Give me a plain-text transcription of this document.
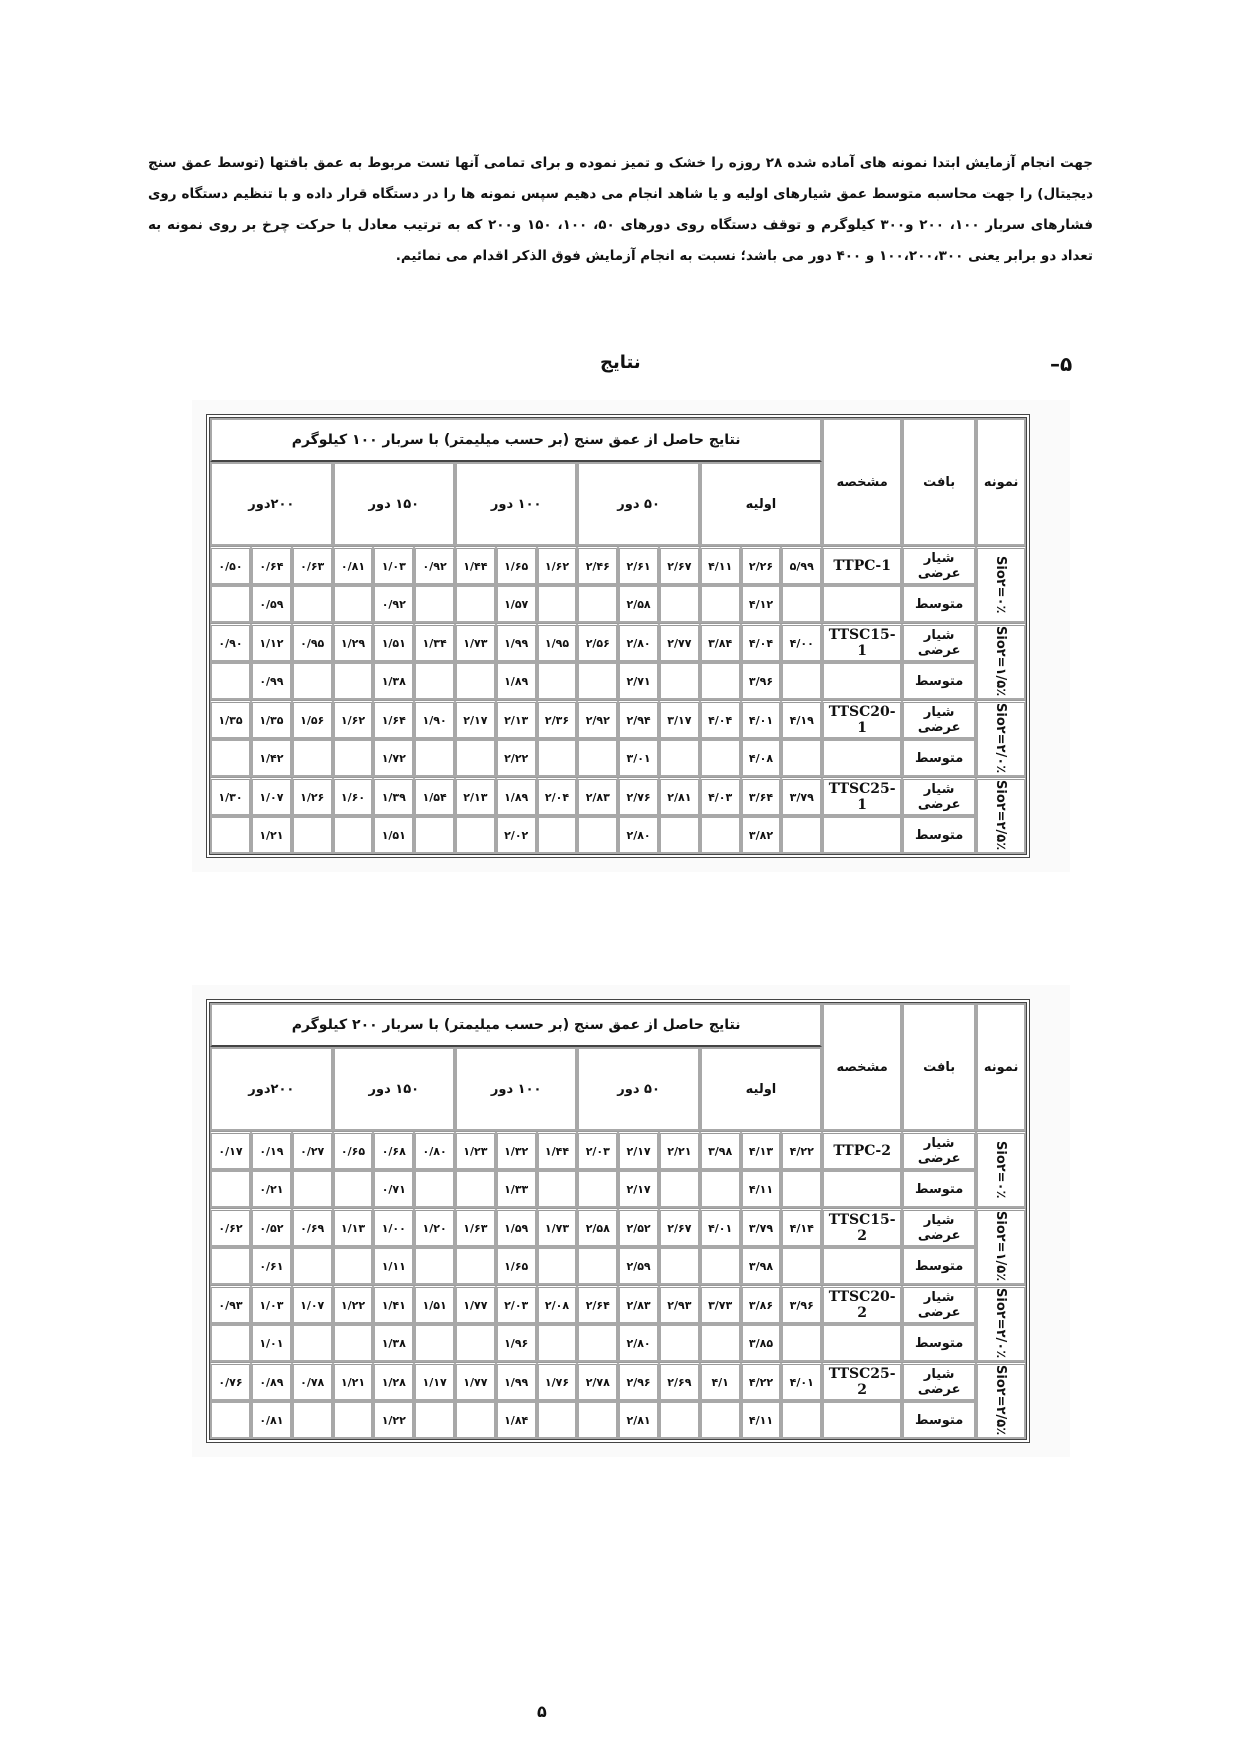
جهت انجام آزمایش ابتدا نمونه های آماده شده ۲۸ روزه را خشک و تمیز نموده و برای تمامی آنها تست مربوط به عمق بافتها (توسط عمق سنج دیجیتال) را جهت محاسبه متوسط عمق شیارهای اولیه و یا شاهد انجام می دهیم سپس نمونه ها را در دستگاه قرار داده و با تنظیم دستگاه روی فشارهای سربار ۱۰۰، ۲۰۰ و۳۰۰ کیلوگرم و توقف دستگاه روی دورهای ۵۰، ۱۰۰، ۱۵۰ و۲۰۰ که به ترتیب معادل با حرکت چرخ بر روی نمونه به تعداد دو برابر یعنی ۱۰۰،۲۰۰،۳۰۰ و ۴۰۰ دور می باشد؛ نسبت به انجام آزمایش فوق الذکر اقدام می نمائیم.
۵–
نتایج
نمونه	بافت	مشخصه	نتایج حاصل از عمق سنج (بر حسب میلیمتر) با سربار ۱۰۰ کیلوگرم														
			اولیه			۵۰ دور			۱۰۰ دور			۱۵۰ دور			۲۰۰دور		
Sio۲=۰٪	شیار عرضی	TTPC-1	۵/۹۹	۲/۲۶	۴/۱۱	۲/۶۷	۲/۶۱	۲/۴۶	۱/۶۲	۱/۶۵	۱/۴۴	۰/۹۲	۱/۰۳	۰/۸۱	۰/۶۳	۰/۶۴	۰/۵۰
	متوسط			۴/۱۲			۲/۵۸			۱/۵۷			۰/۹۲			۰/۵۹	
Sio۲=۱/۵٪	شیار عرضی	TTSC15-1	۴/۰۰	۴/۰۴	۳/۸۴	۲/۷۷	۲/۸۰	۲/۵۶	۱/۹۵	۱/۹۹	۱/۷۳	۱/۳۴	۱/۵۱	۱/۲۹	۰/۹۵	۱/۱۲	۰/۹۰
	متوسط			۳/۹۶			۲/۷۱			۱/۸۹			۱/۳۸			۰/۹۹	
Sio۲=۲/۰٪	شیار عرضی	TTSC20-1	۴/۱۹	۴/۰۱	۴/۰۴	۳/۱۷	۲/۹۴	۲/۹۲	۲/۳۶	۲/۱۳	۲/۱۷	۱/۹۰	۱/۶۴	۱/۶۲	۱/۵۶	۱/۳۵	۱/۳۵
	متوسط			۴/۰۸			۳/۰۱			۲/۲۲			۱/۷۲			۱/۴۲	
Sio۲=۲/۵٪	شیار عرضی	TTSC25-1	۳/۷۹	۳/۶۴	۴/۰۳	۲/۸۱	۲/۷۶	۲/۸۳	۲/۰۴	۱/۸۹	۲/۱۳	۱/۵۴	۱/۳۹	۱/۶۰	۱/۲۶	۱/۰۷	۱/۳۰
	متوسط			۳/۸۲			۲/۸۰			۲/۰۲			۱/۵۱			۱/۲۱	
نمونه	بافت	مشخصه	نتایج حاصل از عمق سنج (بر حسب میلیمتر) با سربار ۲۰۰ کیلوگرم														
			اولیه			۵۰ دور			۱۰۰ دور			۱۵۰ دور			۲۰۰دور		
Sio۲=۰٪	شیار عرضی	TTPC-2	۴/۲۲	۴/۱۳	۳/۹۸	۲/۲۱	۲/۱۷	۲/۰۳	۱/۴۴	۱/۳۲	۱/۲۳	۰/۸۰	۰/۶۸	۰/۶۵	۰/۲۷	۰/۱۹	۰/۱۷
	متوسط			۴/۱۱			۲/۱۷			۱/۳۳			۰/۷۱			۰/۲۱	
Sio۲=۱/۵٪	شیار عرضی	TTSC15-2	۴/۱۴	۳/۷۹	۴/۰۱	۲/۶۷	۲/۵۲	۲/۵۸	۱/۷۳	۱/۵۹	۱/۶۳	۱/۲۰	۱/۰۰	۱/۱۳	۰/۶۹	۰/۵۲	۰/۶۲
	متوسط			۳/۹۸			۲/۵۹			۱/۶۵			۱/۱۱			۰/۶۱	
Sio۲=۲/۰٪	شیار عرضی	TTSC20-2	۳/۹۶	۳/۸۶	۳/۷۳	۲/۹۳	۲/۸۳	۲/۶۴	۲/۰۸	۲/۰۳	۱/۷۷	۱/۵۱	۱/۴۱	۱/۲۲	۱/۰۷	۱/۰۳	۰/۹۳
	متوسط			۳/۸۵			۲/۸۰			۱/۹۶			۱/۳۸			۱/۰۱	
Sio۲=۲/۵٪	شیار عرضی	TTSC25-2	۴/۰۱	۴/۲۲	۴/۱	۲/۶۹	۲/۹۶	۲/۷۸	۱/۷۶	۱/۹۹	۱/۷۷	۱/۱۷	۱/۲۸	۱/۲۱	۰/۷۸	۰/۸۹	۰/۷۶
	متوسط			۴/۱۱			۲/۸۱			۱/۸۴			۱/۲۲			۰/۸۱	
۵
